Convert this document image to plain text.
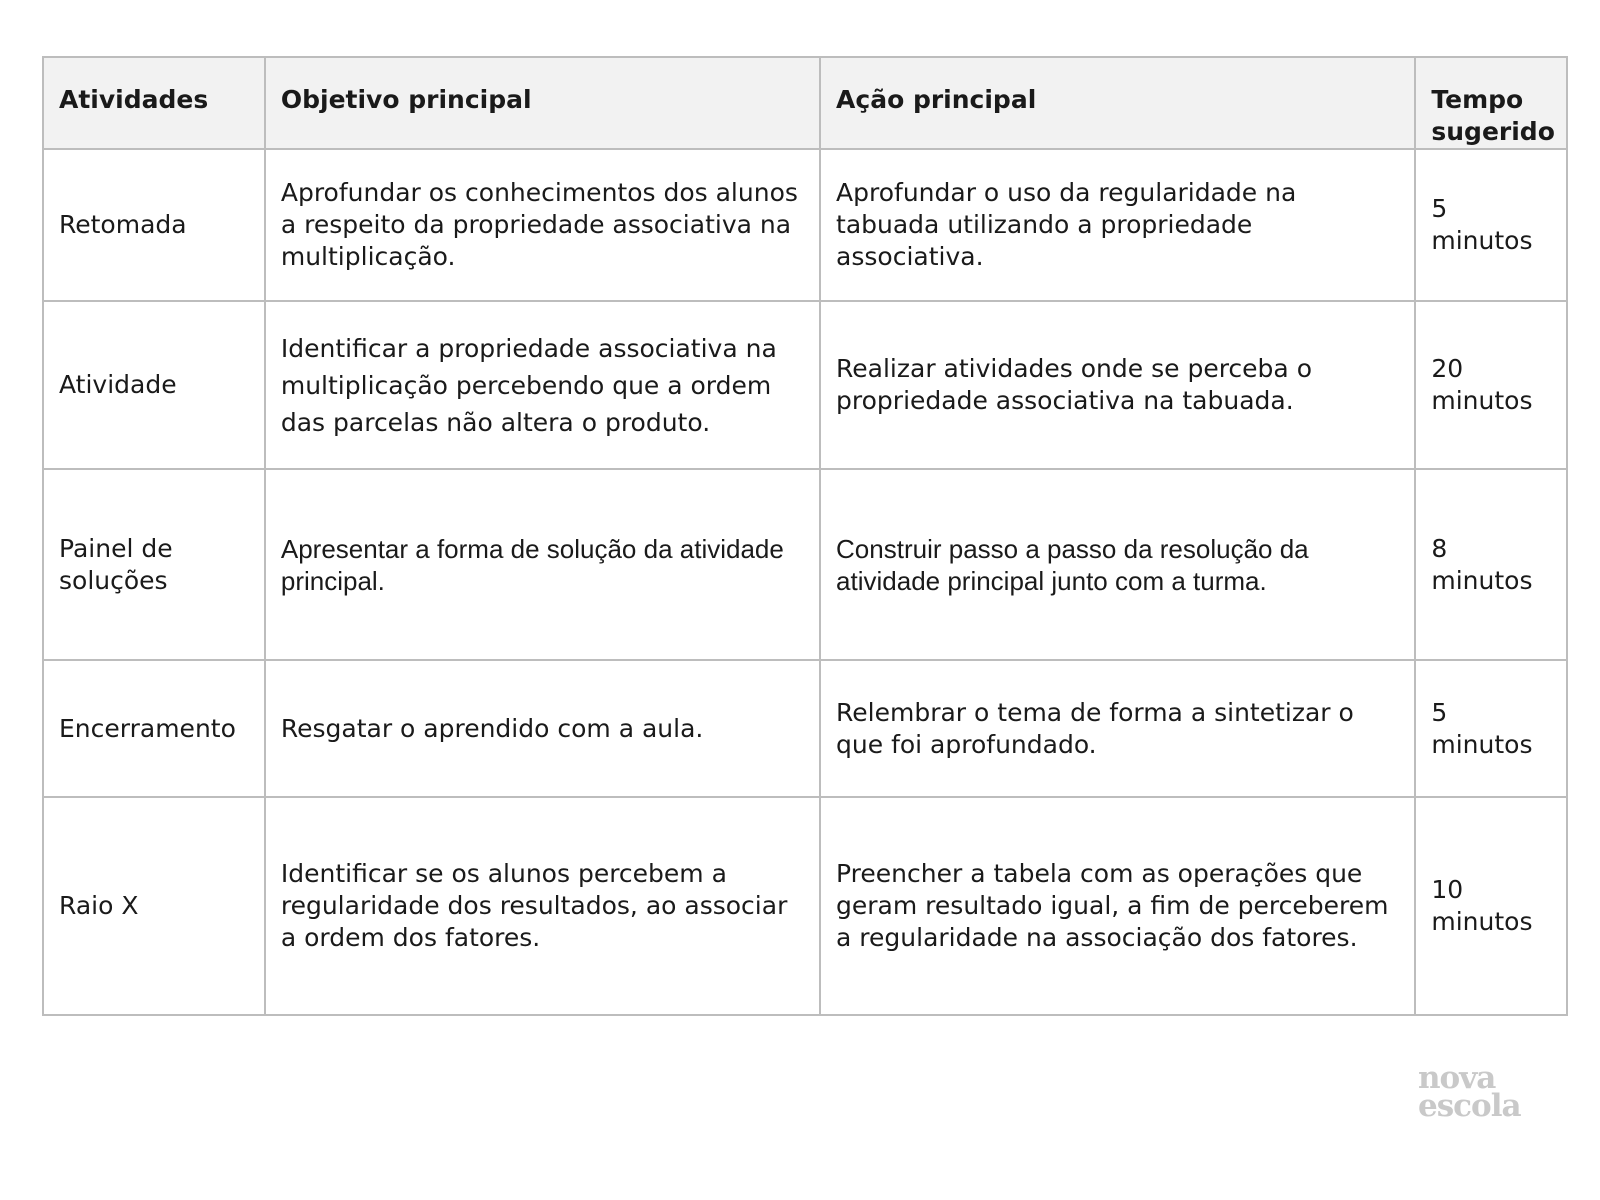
Atividades	Objetivo principal	Ação principal	Tempo sugerido
Retomada	Aprofundar os conhecimentos dos alunos a respeito da propriedade associativa na multiplicação.	Aprofundar o uso da regularidade na tabuada utilizando a propriedade associativa.	5 minutos
Atividade	Identificar a propriedade associativa na multiplicação percebendo que a ordem das parcelas não altera o produto.	Realizar atividades onde se perceba o propriedade associativa na tabuada.	20 minutos
Painel de soluções	Apresentar a forma de solução da atividade principal.	Construir passo a passo da resolução da atividade principal junto com a turma.	8 minutos
Encerramento	Resgatar o aprendido com a aula.	Relembrar o tema de forma a sintetizar o que foi aprofundado.	5 minutos
Raio X	Identificar se os alunos percebem a regularidade dos resultados, ao associar a ordem dos fatores.	Preencher a tabela com as operações que geram resultado igual, a fim de perceberem a regularidade na associação dos fatores.	10 minutos
nova
escola
